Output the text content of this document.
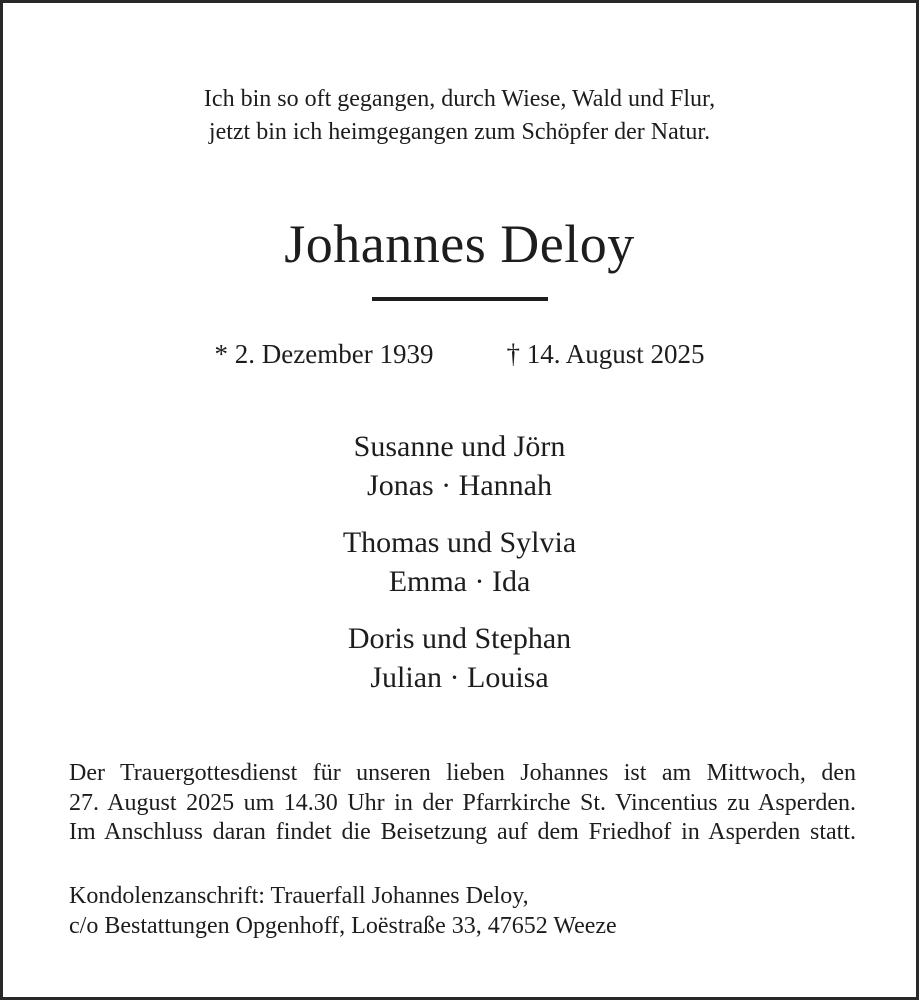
Ich bin so oft gegangen, durch Wiese, Wald und Flur,
jetzt bin ich heimgegangen zum Schöpfer der Natur.
Johannes Deloy
* 2. Dezember 1939	† 14. August 2025
Susanne und Jörn
Jonas · Hannah
Thomas und Sylvia
Emma · Ida
Doris und Stephan
Julian · Louisa
Der Trauergottesdienst für unseren lieben Johannes ist am Mittwoch, den
27. August 2025 um 14.30 Uhr in der Pfarrkirche St. Vincentius zu Asperden.
Im Anschluss daran findet die Beisetzung auf dem Friedhof in Asperden statt.
Kondolenzanschrift: Trauerfall Johannes Deloy,
c/o Bestattungen Opgenhoff, Loëstraße 33, 47652 Weeze
